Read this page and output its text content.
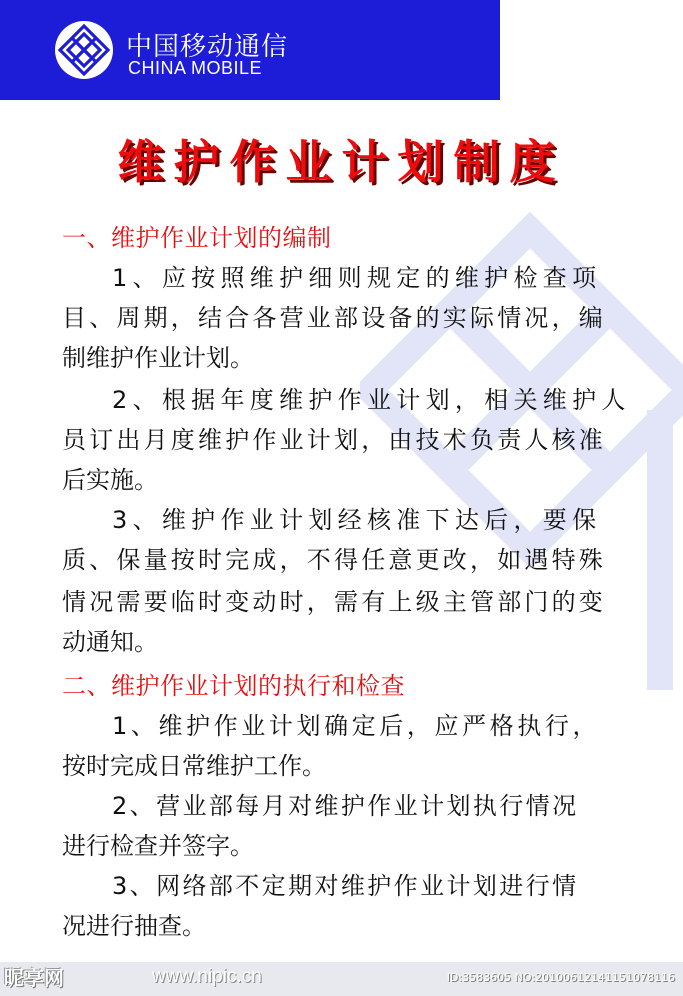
中国移动通信
CHINA MOBILE
维护作业计划制度
一、维护作业计划的编制
1、应按照维护细则规定的维护检查项
目、周期，结合各营业部设备的实际情况，编
制维护作业计划。
2、根据年度维护作业计划，相关维护人
员订出月度维护作业计划，由技术负责人核准
后实施。
3、维护作业计划经核准下达后，要保
质、保量按时完成，不得任意更改，如遇特殊
情况需要临时变动时，需有上级主管部门的变
动通知。
二、维护作业计划的执行和检查
1、维护作业计划确定后，应严格执行，
按时完成日常维护工作。
2、营业部每月对维护作业计划执行情况
进行检查并签字。
3、网络部不定期对维护作业计划进行情
况进行抽查。
昵享网	www.nipic.cn	ID:3583605 NO:20100612141151078116
